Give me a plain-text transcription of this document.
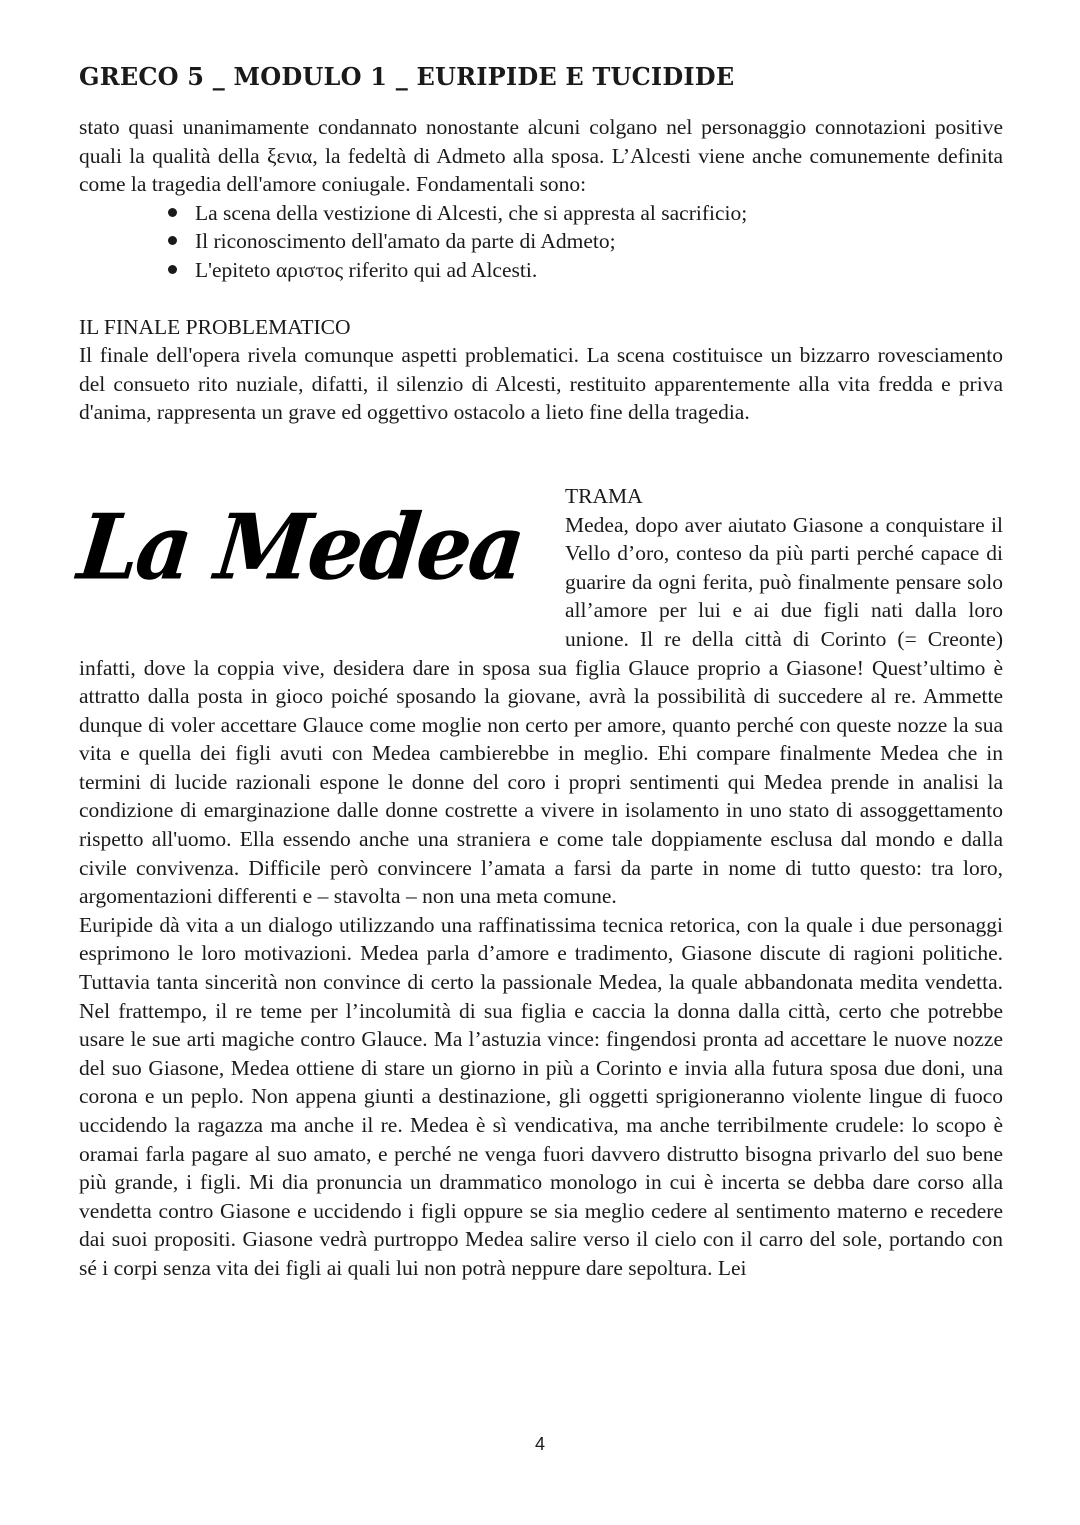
GRECO 5 _ MODULO 1 _ EURIPIDE E TUCIDIDE

stato quasi unanimamente condannato nonostante alcuni colgano nel personaggio connotazioni positive quali la qualità della ξενια, la fedeltà di Admeto alla sposa. L’Alcesti viene anche comunemente definita come la tragedia dell'amore coniugale. Fondamentali sono:

La scena della vestizione di Alcesti, che si appresta al sacrificio;
Il riconoscimento dell'amato da parte di Admeto;
L'epiteto αριστος riferito qui ad Alcesti.
IL FINALE PROBLEMATICO

Il finale dell'opera rivela comunque aspetti problematici. La scena costituisce un bizzarro rovesciamento del consueto rito nuziale, difatti, il silenzio di Alcesti, restituito apparentemente alla vita fredda e priva d'anima, rappresenta un grave ed oggettivo ostacolo a lieto fine della tragedia.

La Medea	TRAMA

Medea, dopo aver aiutato Giasone a conquistare il Vello d’oro, conteso da più parti perché capace di guarire da ogni ferita, può finalmente pensare solo all’amore per lui e ai due figli nati dalla loro unione. Il re della città di Corinto (= Creonte) infatti, dove la coppia vive, desidera dare in sposa sua figlia Glauce proprio a Giasone! Quest’ultimo è attratto dalla posta in gioco poiché sposando la giovane, avrà la possibilità di succedere al re. Ammette dunque di voler accettare Glauce come moglie non certo per amore, quanto perché con queste nozze la sua vita e quella dei figli avuti con Medea cambierebbe in meglio. Ehi compare finalmente Medea che in termini di lucide razionali espone le donne del coro i propri sentimenti qui Medea prende in analisi la condizione di emarginazione dalle donne costrette a vivere in isolamento in uno stato di assoggettamento rispetto all'uomo. Ella essendo anche una straniera e come tale doppiamente esclusa dal mondo e dalla civile convivenza. Difficile però convincere l’amata a farsi da parte in nome di tutto questo: tra loro, argomentazioni differenti e – stavolta – non una meta comune.

Euripide dà vita a un dialogo utilizzando una raffinatissima tecnica retorica, con la quale i due personaggi esprimono le loro motivazioni. Medea parla d’amore e tradimento, Giasone discute di ragioni politiche. Tuttavia tanta sincerità non convince di certo la passionale Medea, la quale abbandonata medita vendetta. Nel frattempo, il re teme per l’incolumità di sua figlia e caccia la donna dalla città, certo che potrebbe usare le sue arti magiche contro Glauce. Ma l’astuzia vince: fingendosi pronta ad accettare le nuove nozze del suo Giasone, Medea ottiene di stare un giorno in più a Corinto e invia alla futura sposa due doni, una corona e un peplo. Non appena giunti a destinazione, gli oggetti sprigioneranno violente lingue di fuoco uccidendo la ragazza ma anche il re. Medea è sì vendicativa, ma anche terribilmente crudele: lo scopo è oramai farla pagare al suo amato, e perché ne venga fuori davvero distrutto bisogna privarlo del suo bene più grande, i figli. Mi dia pronuncia un drammatico monologo in cui è incerta se debba dare corso alla vendetta contro Giasone e uccidendo i figli oppure se sia meglio cedere al sentimento materno e recedere dai suoi propositi. Giasone vedrà purtroppo Medea salire verso il cielo con il carro del sole, portando con sé i corpi senza vita dei figli ai quali lui non potrà neppure dare sepoltura. Lei

4
